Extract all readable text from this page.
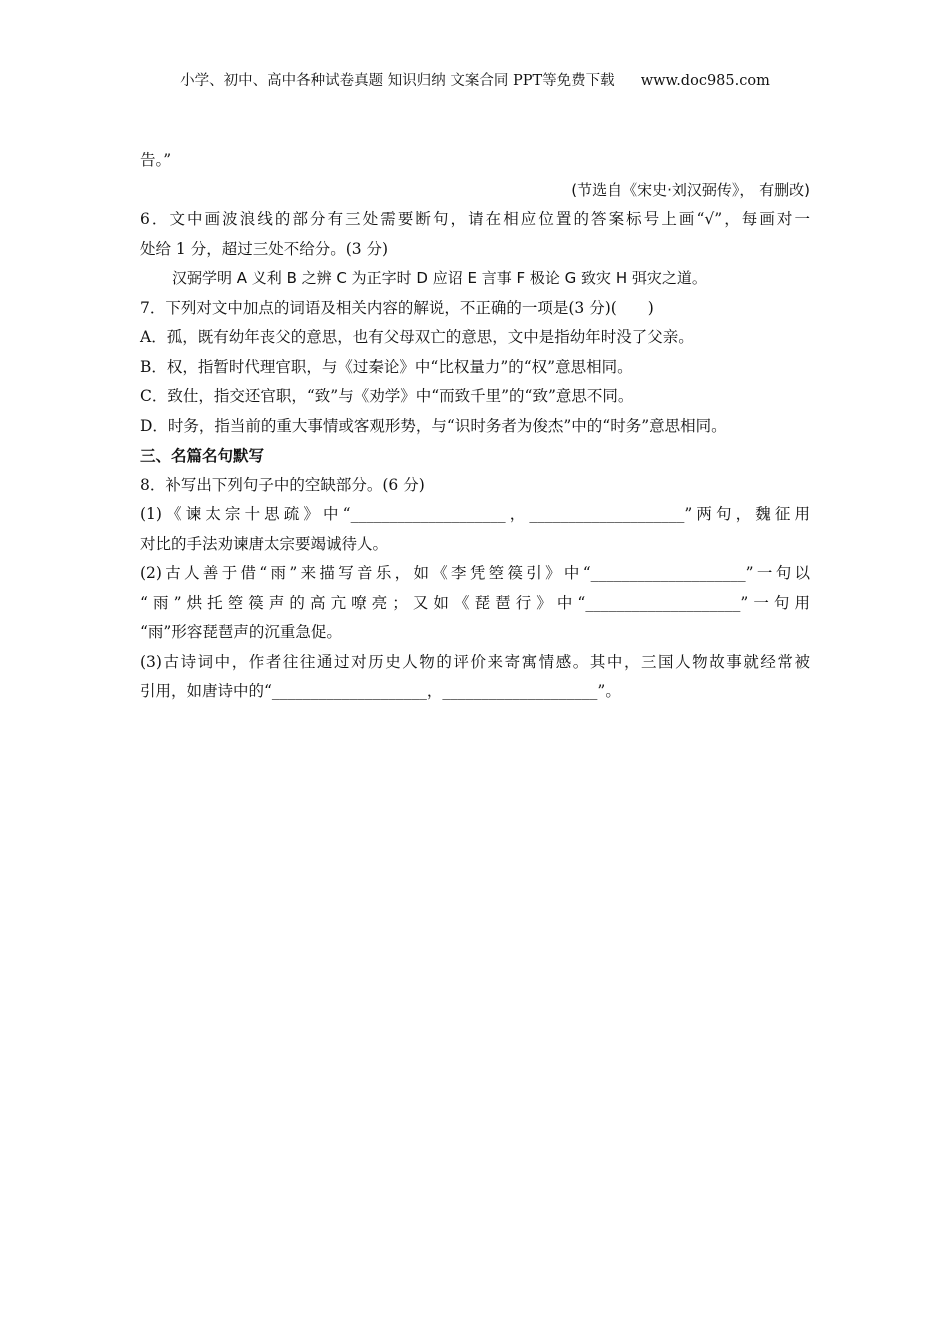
小学、初中、高中各种试卷真题 知识归纳 文案合同 PPT等免费下载 www.doc985.com
告。”
(节选自《宋史·刘汉弼传》， 有删改)
6．文中画波浪线的部分有三处需要断句，请在相应位置的答案标号上画“√”，每画对一
处给 1 分，超过三处不给分。(3 分)
汉弼学明 A 义利 B 之辨 C 为正字时 D 应诏 E 言事 F 极论 G 致灾 H 弭灾之道。
7．下列对文中加点的词语及相关内容的解说，不正确的一项是(3 分)(　　)
A．孤，既有幼年丧父的意思，也有父母双亡的意思，文中是指幼年时没了父亲。
B．权，指暂时代理官职，与《过秦论》中“比权量力”的“权”意思相同。
C．致仕，指交还官职，“致”与《劝学》中“而致千里”的“致”意思不同。
D．时务，指当前的重大事情或客观形势，与“识时务者为俊杰”中的“时务”意思相同。
三、名篇名句默写
8．补写出下列句子中的空缺部分。(6 分)
(1)《谏太宗十思疏》中“____________________，____________________”两句，魏征用
对比的手法劝谏唐太宗要竭诚待人。
(2)古人善于借“雨”来描写音乐，如《李凭箜篌引》中“____________________”一句以
“雨”烘托箜篌声的高亢嘹亮；又如《琵琶行》中“____________________”一句用
“雨”形容琵琶声的沉重急促。
(3)古诗词中，作者往往通过对历史人物的评价来寄寓情感。其中，三国人物故事就经常被
引用，如唐诗中的“____________________，____________________”。
